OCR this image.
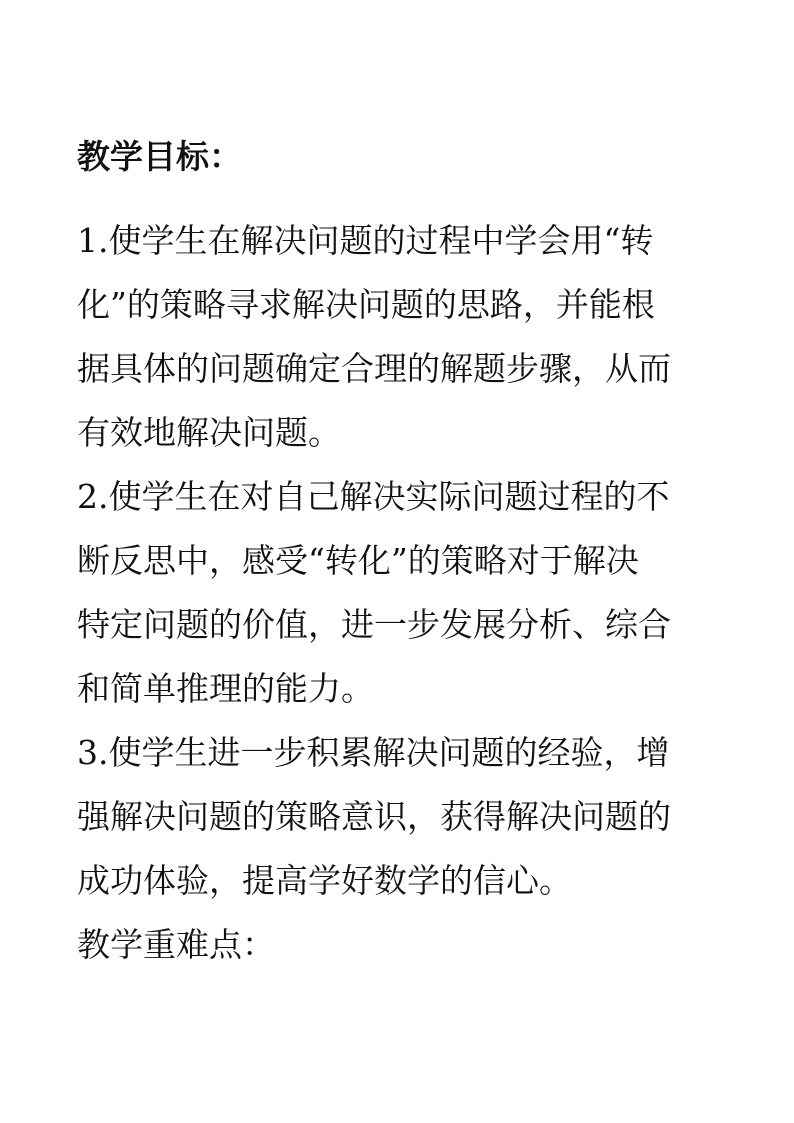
教学目标：
1.使学生在解决问题的过程中学会用“转
化”的策略寻求解决问题的思路，并能根
据具体的问题确定合理的解题步骤，从而
有效地解决问题。
2.使学生在对自己解决实际问题过程的不
断反思中，感受“转化”的策略对于解决
特定问题的价值，进一步发展分析、综合
和简单推理的能力。
3.使学生进一步积累解决问题的经验，增
强解决问题的策略意识，获得解决问题的
成功体验，提高学好数学的信心。
教学重难点：
